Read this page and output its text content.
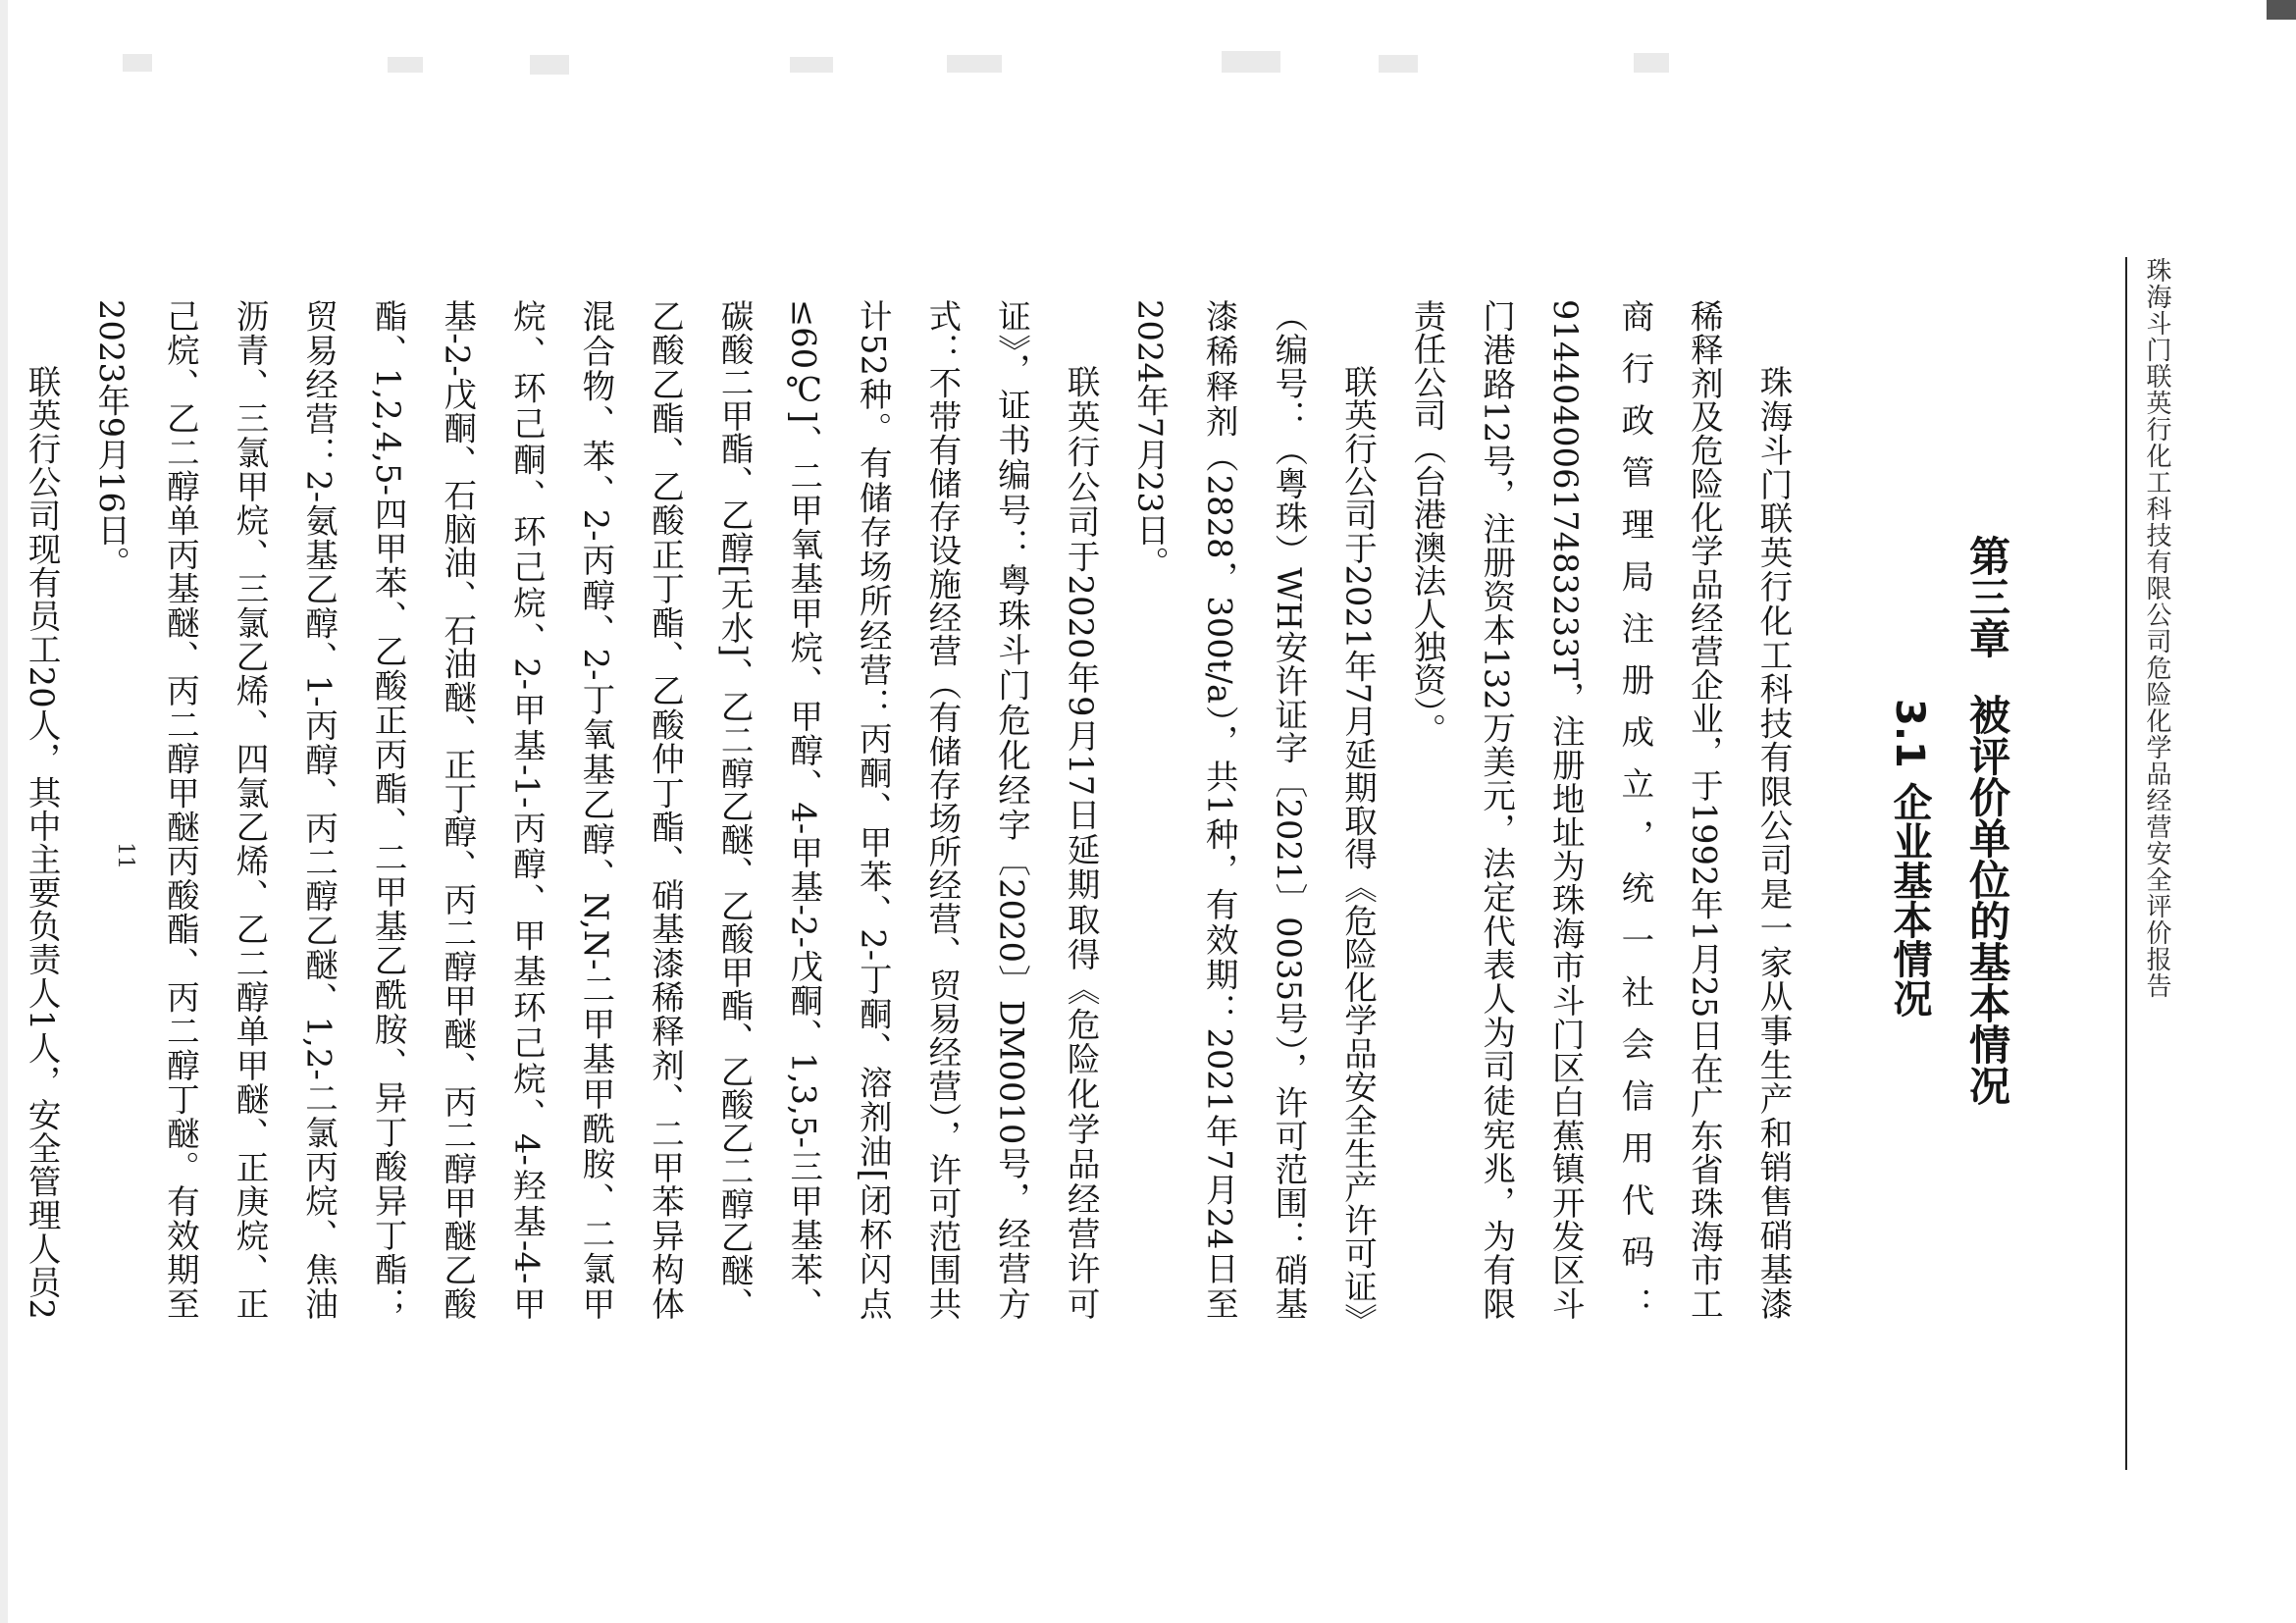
珠海斗门联英行化工科技有限公司危险化学品经营安全评价报告
第三章被评价单位的基本情况
3.1 企业基本情况

珠海斗门联英行化工科技有限公司是一家从事生产和销售硝基漆稀释剂及危险化学品经营企业，于1992年1月25日在广东省珠海市工商行政管理局注册成立，统一社会信用代码：91440400617483233T，注册地址为珠海市斗门区白蕉镇开发区斗门港路12号，注册资本132万美元，法定代表人为司徒宪兆，为有限责任公司（台港澳法人独资）。

联英行公司于2021年7月延期取得《危险化学品安全生产许可证》（编号：（粤珠）WH安许证字〔2021〕0035号），许可范围：硝基漆稀释剂（2828，300t/a），共1种，有效期：2021年7月24日至2024年7月23日。

联英行公司于2020年9月17日延期取得《危险化学品经营许可证》，证书编号：粤珠斗门危化经字〔2020〕DM0010号，经营方式：不带有储存设施经营（有储存场所经营、贸易经营），许可范围共计52种。有储存场所经营：丙酮、甲苯、2-丁酮、溶剂油[闭杯闪点≤60℃]、二甲氧基甲烷、甲醇、4-甲基-2-戊酮、1,3,5-三甲基苯、碳酸二甲酯、乙醇[无水]、乙二醇乙醚、乙酸甲酯、乙酸乙二醇乙醚、乙酸乙酯、乙酸正丁酯、乙酸仲丁酯、硝基漆稀释剂、二甲苯异构体混合物、苯、2-丙醇、2-丁氧基乙醇、N,N-二甲基甲酰胺、二氯甲烷、环己酮、环己烷、2-甲基-1-丙醇、甲基环己烷、4-羟基-4-甲基-2-戊酮、石脑油、石油醚、正丁醇、丙二醇甲醚、丙二醇甲醚乙酸酯、1,2,4,5-四甲苯、乙酸正丙酯、二甲基乙酰胺、异丁酸异丁酯；贸易经营：2-氨基乙醇、1-丙醇、丙二醇乙醚、1,2-二氯丙烷、焦油沥青、三氯甲烷、三氯乙烯、四氯乙烯、乙二醇单甲醚、正庚烷、正己烷、乙二醇单丙基醚、丙二醇甲醚丙酸酯、丙二醇丁醚。有效期至2023年9月16日。

联英行公司现有员工20人，其中主要负责人1人，安全管理人员2

11
